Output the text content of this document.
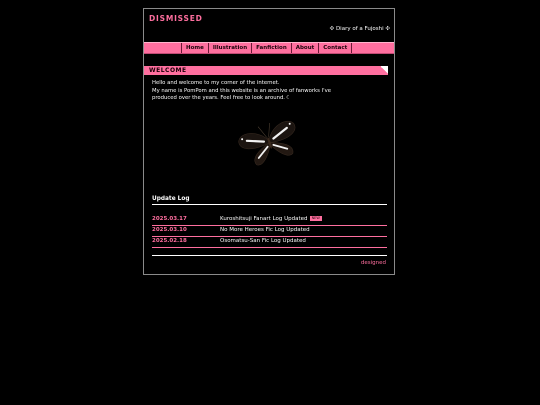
DISMISSED
✣ Diary of a Fujoshi ✣
Home	Illustration	Fanfiction	About	Contact
WELCOME
Hello and welcome to my corner of the internet.
My name is PomPom and this website is an archive of fanworks I've
produced over the years. Feel free to look around.☾
Update Log
2025.03.17	Kuroshitsuji Fanart Log Updated NEW
2025.03.10	No More Heroes Fic Log Updated
2025.02.18	Osomatsu-San Fic Log Updated
designed
